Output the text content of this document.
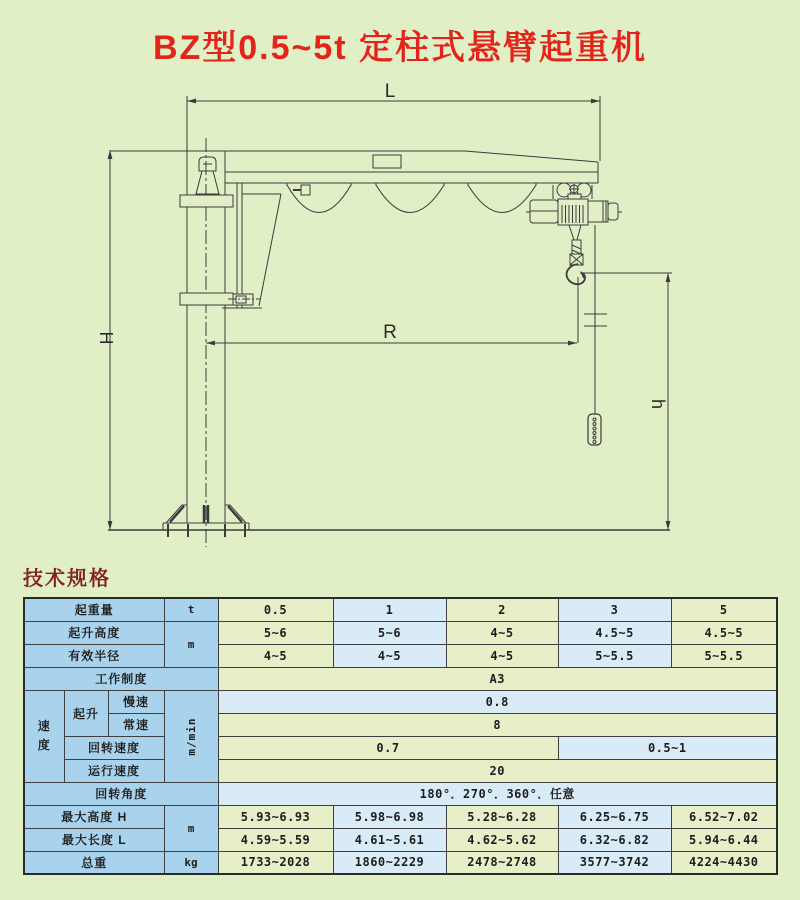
BZ型0.5~5t 定柱式悬臂起重机
L
H	R
h
技术规格
起重量			t	0.5	1	2	3	5
起升高度			m	5~6	5~6	4~5	4.5~5	4.5~5
有效半径				4~5	4~5	4~5	5~5.5	5~5.5
工作制度				A3				

速度	起升	慢速	m/min	0.8				
		常速		8				
	回转速度			0.7			0.5~1	
	运行速度			20				
回转角度				180°．270°．360°．任意				
最大高度 H			m	5.93~6.93	5.98~6.98	5.28~6.28	6.25~6.75	6.52~7.02
最大长度 L				4.59~5.59	4.61~5.61	4.62~5.62	6.32~6.82	5.94~6.44
总重			kg	1733~2028	1860~2229	2478~2748	3577~3742	4224~4430
